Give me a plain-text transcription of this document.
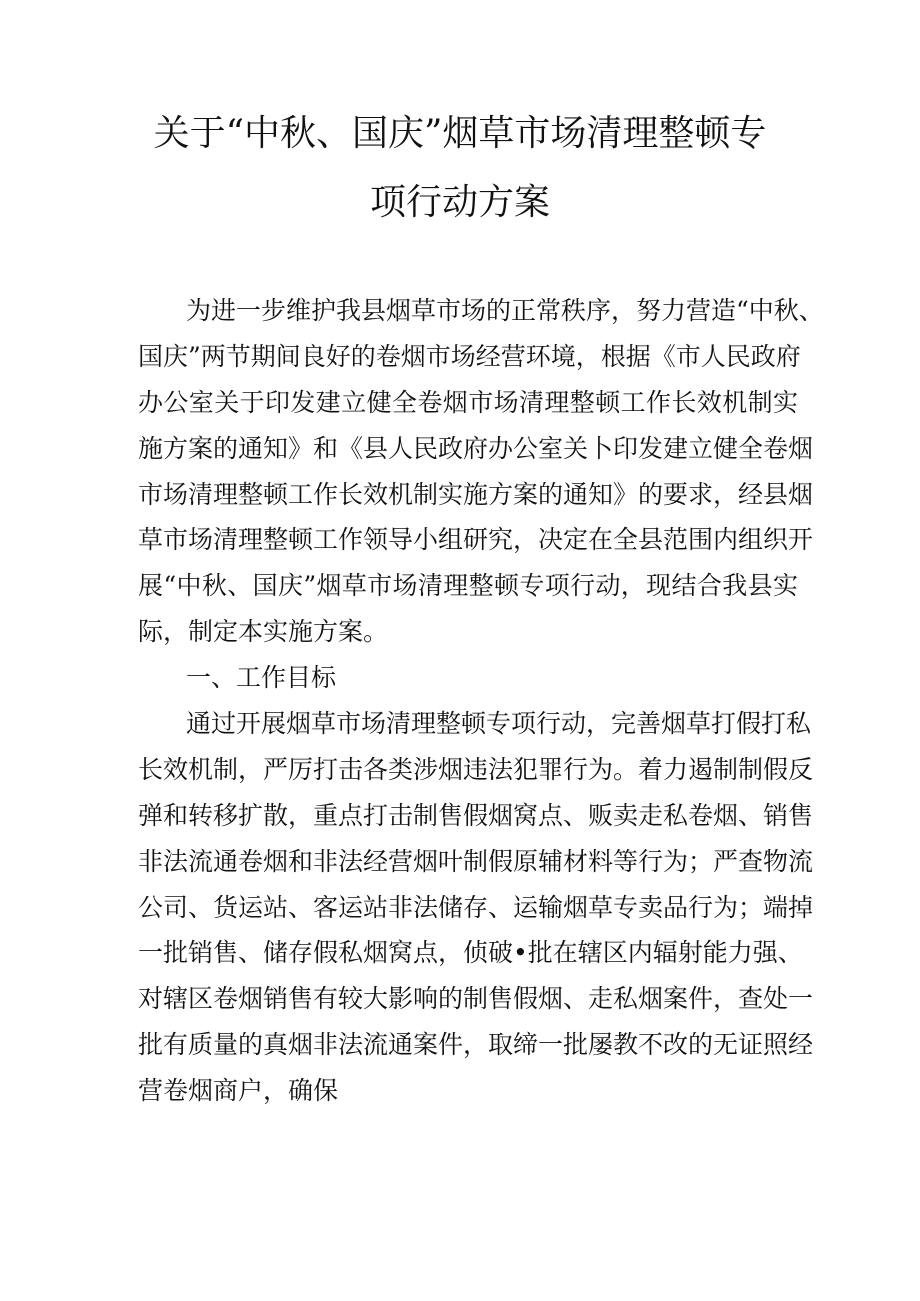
关于“中秋、国庆”烟草市场清理整顿专
项行动方案
为进一步维护我县烟草市场的正常秩序，努力营造“中秋、
国庆”两节期间良好的卷烟市场经营环境，根据《市人民政府
办公室关于印发建立健全卷烟市场清理整顿工作长效机制实
施方案的通知》和《县人民政府办公室关卜印发建立健全卷烟
市场清理整顿工作长效机制实施方案的通知》的要求，经县烟
草市场清理整顿工作领导小组研究，决定在全县范围内组织开
展“中秋、国庆”烟草市场清理整顿专项行动，现结合我县实
际，制定本实施方案。
一、工作目标
通过开展烟草市场清理整顿专项行动，完善烟草打假打私
长效机制，严厉打击各类涉烟违法犯罪行为。着力遏制制假反
弹和转移扩散，重点打击制售假烟窝点、贩卖走私卷烟、销售
非法流通卷烟和非法经营烟叶制假原辅材料等行为；严查物流
公司、货运站、客运站非法储存、运输烟草专卖品行为；端掉
一批销售、储存假私烟窝点，侦破•批在辖区内辐射能力强、
对辖区卷烟销售有较大影响的制售假烟、走私烟案件，查处一
批有质量的真烟非法流通案件，取缔一批屡教不改的无证照经
营卷烟商户，确保
